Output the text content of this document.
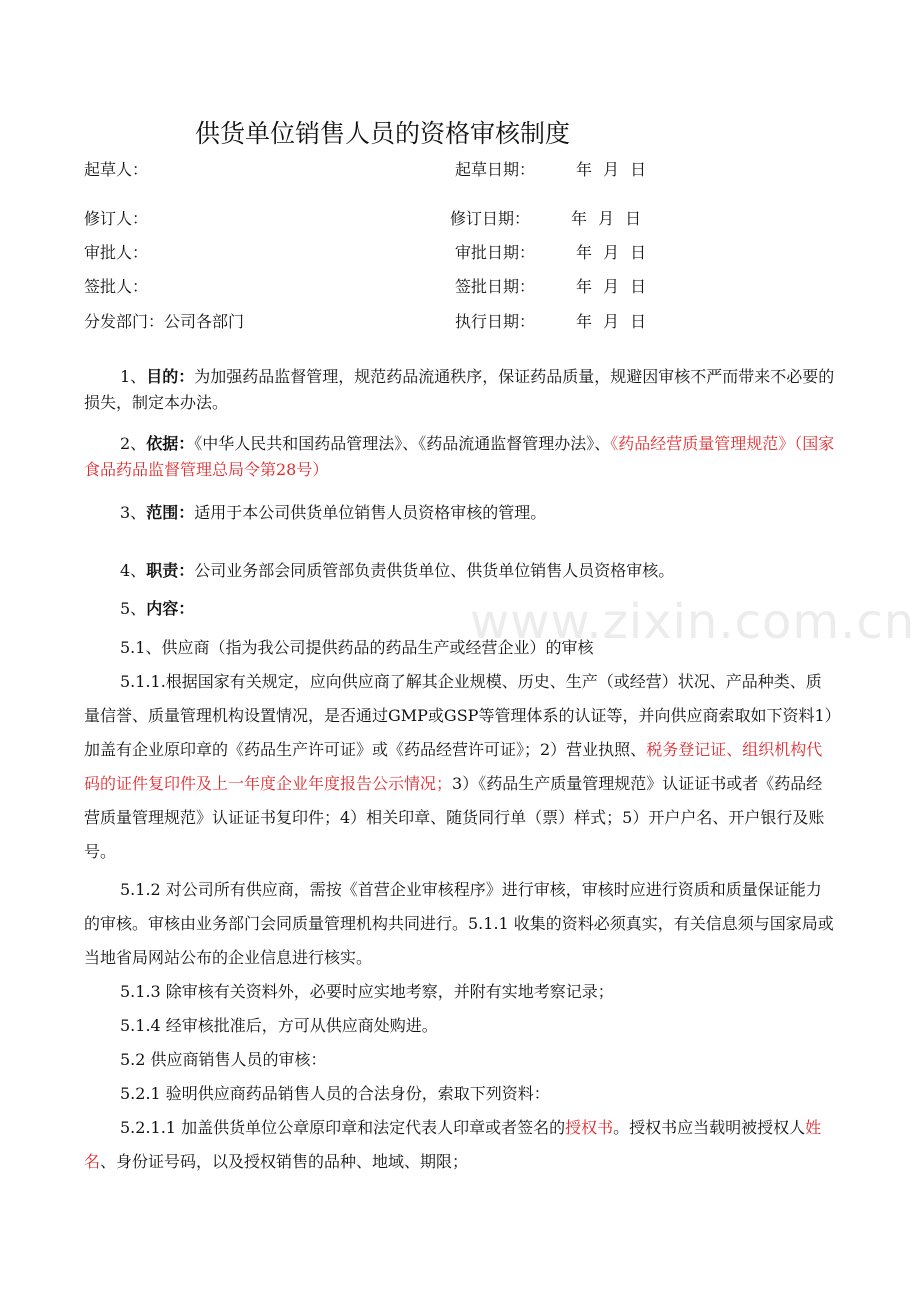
www.zixin.com.cn
供货单位销售人员的资格审核制度
起草人：	起草日期：	年 月 日
修订人：	修订日期：	年 月 日
审批人：	审批日期：	年 月 日
签批人：	签批日期：	年 月 日
分发部门：公司各部门	执行日期：	年 月 日

1、目的：为加强药品监督管理，规范药品流通秩序，保证药品质量，规避因审核不严而带来不必要的损失，制定本办法。

2、依据：《中华人民共和国药品管理法》、《药品流通监督管理办法》、《药品经营质量管理规范》（国家食品药品监督管理总局令第28号）

3、范围：适用于本公司供货单位销售人员资格审核的管理。

4、职责：公司业务部会同质管部负责供货单位、供货单位销售人员资格审核。

5、内容：

5.1、供应商（指为我公司提供药品的药品生产或经营企业）的审核

5.1.1.根据国家有关规定，应向供应商了解其企业规模、历史、生产（或经营）状况、产品种类、质量信誉、质量管理机构设置情况，是否通过GMP或GSP等管理体系的认证等，并向供应商索取如下资料1）加盖有企业原印章的《药品生产许可证》或《药品经营许可证》；2）营业执照、税务登记证、组织机构代码的证件复印件及上一年度企业年度报告公示情况；3）《药品生产质量管理规范》认证证书或者《药品经营质量管理规范》认证证书复印件；4）相关印章、随货同行单（票）样式；5）开户户名、开户银行及账号。

5.1.2 对公司所有供应商，需按《首营企业审核程序》进行审核，审核时应进行资质和质量保证能力的审核。审核由业务部门会同质量管理机构共同进行。5.1.1 收集的资料必须真实，有关信息须与国家局或当地省局网站公布的企业信息进行核实。

5.1.3 除审核有关资料外，必要时应实地考察，并附有实地考察记录；

5.1.4 经审核批准后，方可从供应商处购进。

5.2 供应商销售人员的审核：

5.2.1 验明供应商药品销售人员的合法身份，索取下列资料：

5.2.1.1 加盖供货单位公章原印章和法定代表人印章或者签名的授权书。授权书应当载明被授权人姓名、身份证号码，以及授权销售的品种、地域、期限；
